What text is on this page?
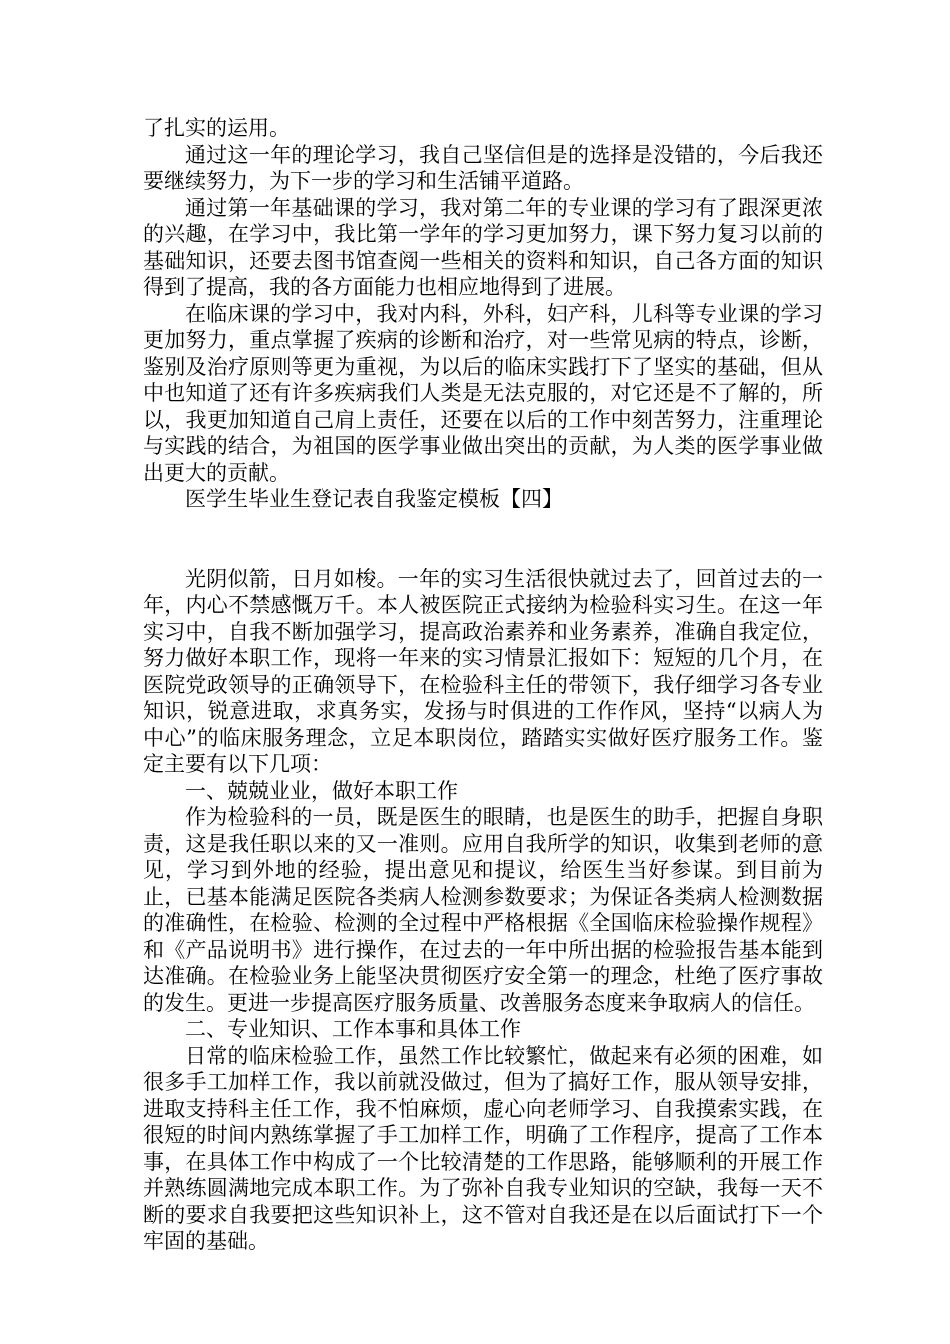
了扎实的运用。

通过这一年的理论学习，我自己坚信但是的选择是没错的，今后我还要继续努力，为下一步的学习和生活铺平道路。

通过第一年基础课的学习，我对第二年的专业课的学习有了跟深更浓的兴趣，在学习中，我比第一学年的学习更加努力，课下努力复习以前的基础知识，还要去图书馆查阅一些相关的资料和知识，自己各方面的知识得到了提高，我的各方面能力也相应地得到了进展。

在临床课的学习中，我对内科，外科，妇产科，儿科等专业课的学习更加努力，重点掌握了疾病的诊断和治疗，对一些常见病的特点，诊断，鉴别及治疗原则等更为重视，为以后的临床实践打下了坚实的基础，但从中也知道了还有许多疾病我们人类是无法克服的，对它还是不了解的，所以，我更加知道自己肩上责任，还要在以后的工作中刻苦努力，注重理论与实践的结合，为祖国的医学事业做出突出的贡献，为人类的医学事业做出更大的贡献。

医学生毕业生登记表自我鉴定模板【四】

光阴似箭，日月如梭。一年的实习生活很快就过去了，回首过去的一年，内心不禁感慨万千。本人被医院正式接纳为检验科实习生。在这一年实习中，自我不断加强学习，提高政治素养和业务素养，准确自我定位，努力做好本职工作，现将一年来的实习情景汇报如下：短短的几个月，在医院党政领导的正确领导下，在检验科主任的带领下，我仔细学习各专业知识，锐意进取，求真务实，发扬与时俱进的工作作风，坚持“以病人为中心”的临床服务理念，立足本职岗位，踏踏实实做好医疗服务工作。鉴定主要有以下几项：

一、兢兢业业，做好本职工作

作为检验科的一员，既是医生的眼睛，也是医生的助手，把握自身职责，这是我任职以来的又一准则。应用自我所学的知识，收集到老师的意见，学习到外地的经验，提出意见和提议，给医生当好参谋。到目前为止，已基本能满足医院各类病人检测参数要求；为保证各类病人检测数据的准确性，在检验、检测的全过程中严格根据《全国临床检验操作规程》和《产品说明书》进行操作，在过去的一年中所出据的检验报告基本能到达准确。在检验业务上能坚决贯彻医疗安全第一的理念，杜绝了医疗事故的发生。更进一步提高医疗服务质量、改善服务态度来争取病人的信任。

二、专业知识、工作本事和具体工作

日常的临床检验工作，虽然工作比较繁忙，做起来有必须的困难，如很多手工加样工作，我以前就没做过，但为了搞好工作，服从领导安排，进取支持科主任工作，我不怕麻烦，虚心向老师学习、自我摸索实践，在很短的时间内熟练掌握了手工加样工作，明确了工作程序，提高了工作本事，在具体工作中构成了一个比较清楚的工作思路，能够顺利的开展工作并熟练圆满地完成本职工作。为了弥补自我专业知识的空缺，我每一天不断的要求自我要把这些知识补上，这不管对自我还是在以后面试打下一个牢固的基础。
